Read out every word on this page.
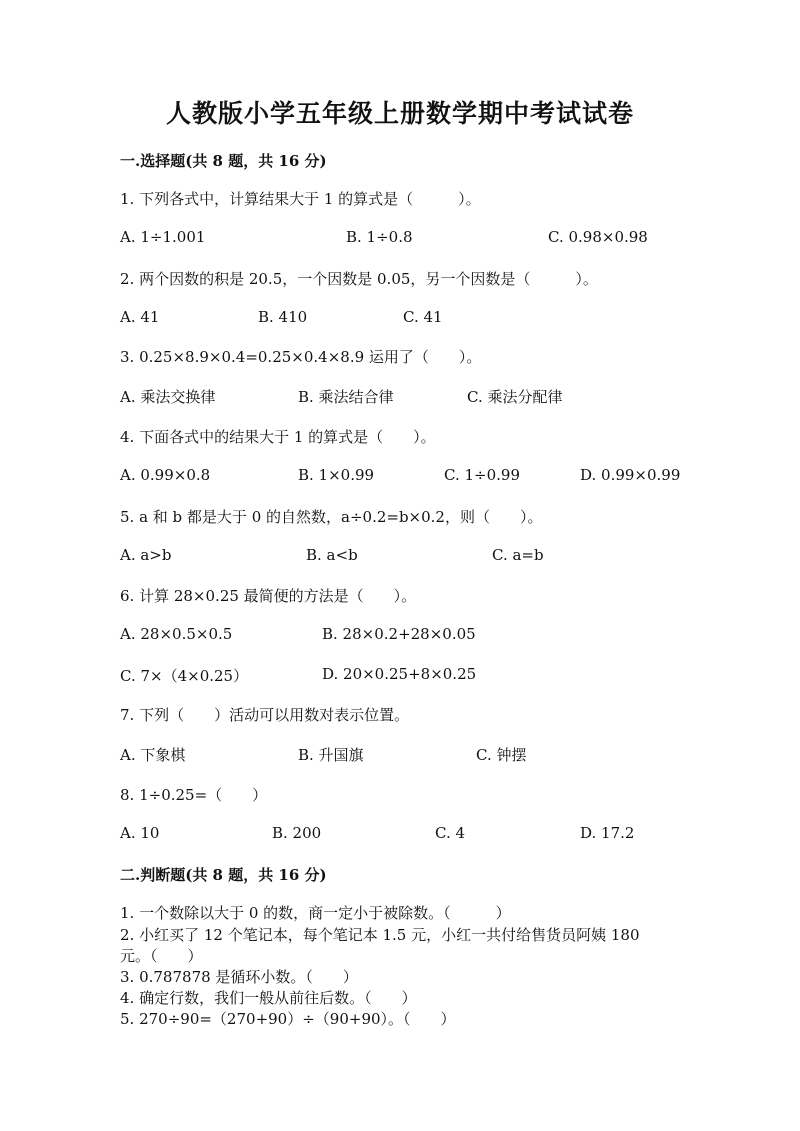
人教版小学五年级上册数学期中考试试卷
一.选择题(共 8 题，共 16 分)
1. 下列各式中，计算结果大于 1 的算式是（　　　）。
A. 1÷1.001	B. 1÷0.8	C. 0.98×0.98
2. 两个因数的积是 20.5，一个因数是 0.05，另一个因数是（　　　）。
A. 41	B. 410	C. 41
3. 0.25×8.9×0.4=0.25×0.4×8.9 运用了（　　）。
A. 乘法交换律	B. 乘法结合律	C. 乘法分配律
4. 下面各式中的结果大于 1 的算式是（　　）。
A. 0.99×0.8	B. 1×0.99	C. 1÷0.99	D. 0.99×0.99
5. a 和 b 都是大于 0 的自然数，a÷0.2=b×0.2，则（　　）。
A. a>b	B. a<b	C. a=b
6. 计算 28×0.25 最简便的方法是（　　）。
A. 28×0.5×0.5	B. 28×0.2+28×0.05
C. 7×（4×0.25）	D. 20×0.25+8×0.25
7. 下列（　　）活动可以用数对表示位置。
A. 下象棋	B. 升国旗	C. 钟摆
8. 1÷0.25=（　　）
A. 10	B. 200	C. 4	D. 17.2
二.判断题(共 8 题，共 16 分)
1. 一个数除以大于 0 的数，商一定小于被除数。（　　　）
2. 小红买了 12 个笔记本，每个笔记本 1.5 元，小红一共付给售货员阿姨 180
元。（　　）
3. 0.787878 是循环小数。（　　）
4. 确定行数，我们一般从前往后数。（　　）
5. 270÷90=（270+90）÷（90+90）。（　　）
